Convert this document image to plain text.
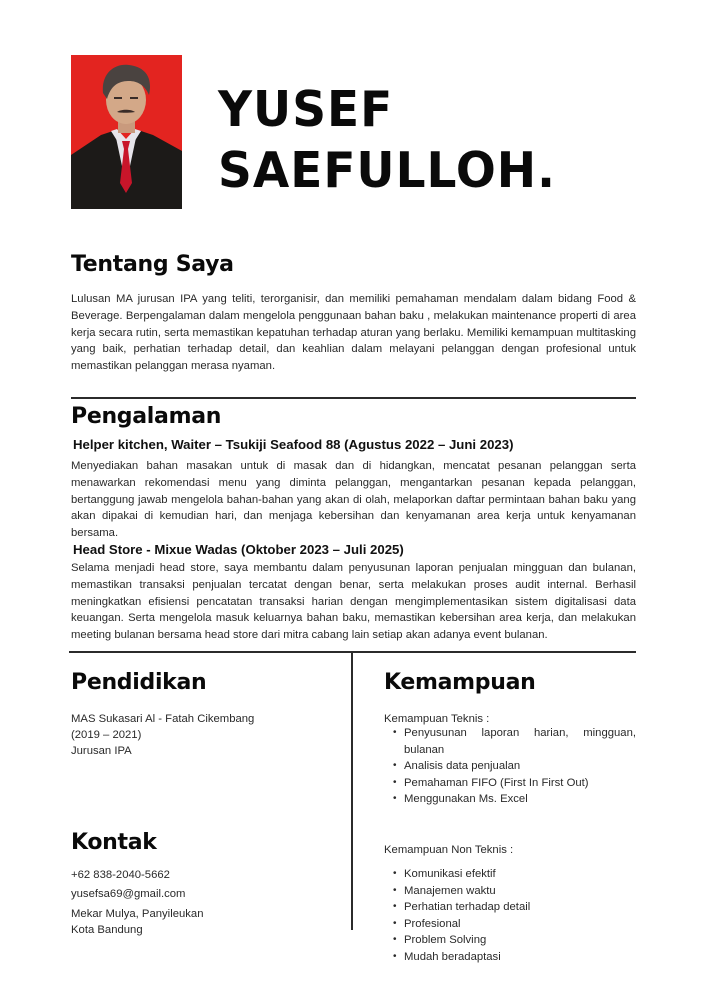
YUSEF
SAEFULLOH.
Tentang Saya
Lulusan MA jurusan IPA yang teliti, terorganisir, dan memiliki pemahaman mendalam dalam bidang Food & Beverage. Berpengalaman dalam mengelola penggunaan bahan baku , melakukan maintenance properti di area kerja secara rutin, serta memastikan kepatuhan terhadap aturan yang berlaku. Memiliki kemampuan multitasking yang baik, perhatian terhadap detail, dan keahlian dalam melayani pelanggan dengan profesional untuk memastikan pelanggan merasa nyaman.
Pengalaman
Helper kitchen, Waiter – Tsukiji Seafood 88 (Agustus 2022 – Juni 2023)
Menyediakan bahan masakan untuk di masak dan di hidangkan, mencatat pesanan pelanggan serta menawarkan rekomendasi menu yang diminta pelanggan, mengantarkan pesanan kepada pelanggan, bertanggung jawab mengelola bahan-bahan yang akan di olah, melaporkan daftar permintaan bahan baku yang akan dipakai di kemudian hari, dan menjaga kebersihan dan kenyamanan area kerja untuk kenyamanan bersama.
Head Store - Mixue Wadas (Oktober 2023 – Juli 2025)
Selama menjadi head store, saya membantu dalam penyusunan laporan penjualan mingguan dan bulanan, memastikan transaksi penjualan tercatat dengan benar, serta melakukan proses audit internal. Berhasil meningkatkan efisiensi pencatatan transaksi harian dengan mengimplementasikan sistem digitalisasi data keuangan. Serta mengelola masuk keluarnya bahan baku, memastikan kebersihan area kerja, dan melakukan meeting bulanan bersama head store dari mitra cabang lain setiap akan adanya event bulanan.
Pendidikan
MAS Sukasari Al - Fatah Cikembang
(2019 – 2021)
Jurusan IPA
Kontak
+62 838-2040-5662
yusefsa69@gmail.com
Mekar Mulya, Panyileukan
Kota Bandung
Kemampuan
Kemampuan Teknis :
• Penyusunan laporan harian, mingguan, bulanan
• Analisis data penjualan
• Pemahaman FIFO (First In First Out)
• Menggunakan Ms. Excel
Kemampuan Non Teknis :
• Komunikasi efektif
• Manajemen waktu
• Perhatian terhadap detail
• Profesional
• Problem Solving
• Mudah beradaptasi
